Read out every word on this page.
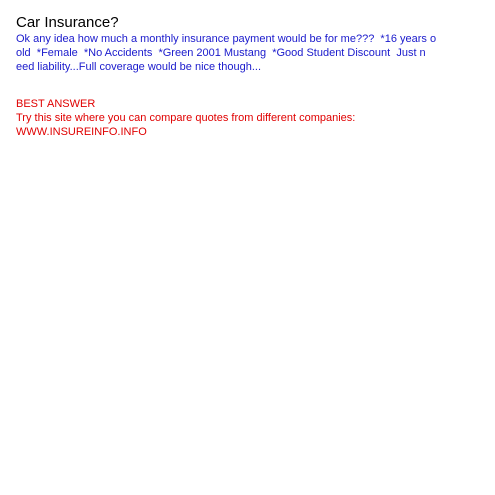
Car Insurance?
Ok any idea how much a monthly insurance payment would be for me???  *16 years o
old  *Female  *No Accidents  *Green 2001 Mustang  *Good Student Discount  Just n
eed liability...Full coverage would be nice though...
BEST ANSWER
Try this site where you can compare quotes from different companies:
WWW.INSUREINFO.INFO
